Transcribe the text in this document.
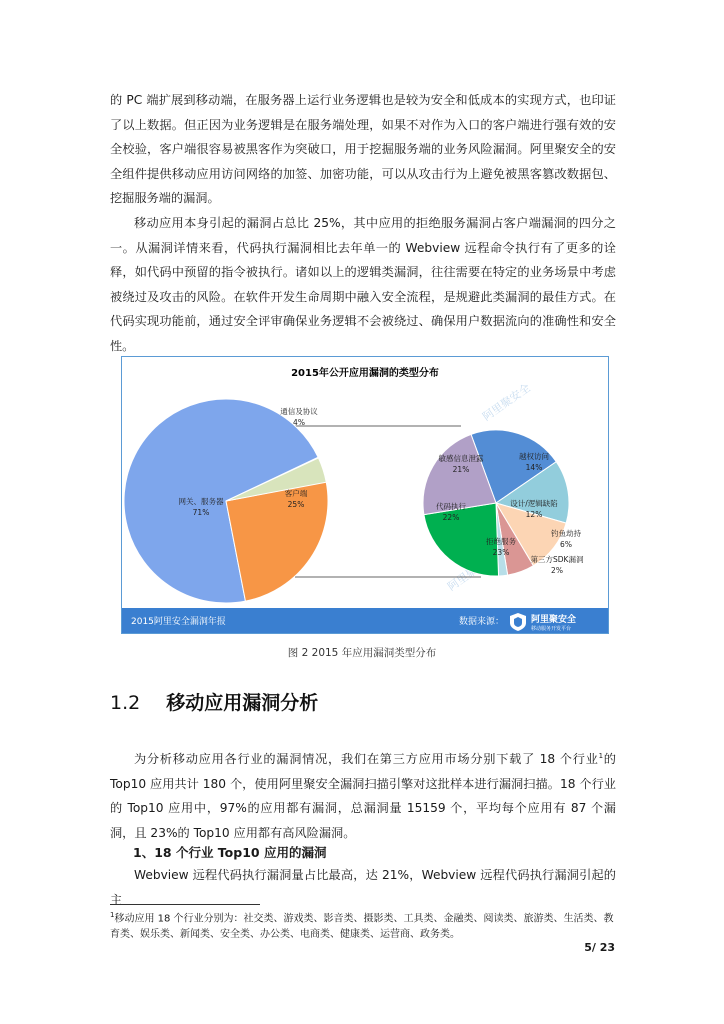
的 PC 端扩展到移动端，在服务器上运行业务逻辑也是较为安全和低成本的实现方式，也印证了以上数据。但正因为业务逻辑是在服务端处理，如果不对作为入口的客户端进行强有效的安全校验，客户端很容易被黑客作为突破口，用于挖掘服务端的业务风险漏洞。阿里聚安全的安全组件提供移动应用访问网络的加签、加密功能，可以从攻击行为上避免被黑客篡改数据包、挖掘服务端的漏洞。

移动应用本身引起的漏洞占总比 25%，其中应用的拒绝服务漏洞占客户端漏洞的四分之一。从漏洞详情来看，代码执行漏洞相比去年单一的 Webview 远程命令执行有了更多的诠释，如代码中预留的指令被执行。诸如以上的逻辑类漏洞，往往需要在特定的业务场景中考虑被绕过及攻击的风险。在软件开发生命周期中融入安全流程，是规避此类漏洞的最佳方式。在代码实现功能前，通过安全评审确保业务逻辑不会被绕过、确保用户数据流向的准确性和安全性。

阿里聚安全
2015年公开应用漏洞的类型分布
网关、服务器 71%
客户端 25%
通信及协议 4%
敏感信息泄露 21%
越权访问 14%
设计/逻辑缺陷 12%
钓鱼劫持 6%
第三方SDK漏洞 2%
拒绝服务 23%
代码执行 22%
2015阿里安全漏洞年报	数据来源：	阿里聚安全
移动服务开发平台
图 2 2015 年应用漏洞类型分布
1.2 移动应用漏洞分析

为分析移动应用各行业的漏洞情况，我们在第三方应用市场分别下载了 18 个行业$^1$的 Top10 应用共计 180 个，使用阿里聚安全漏洞扫描引擎对这批样本进行漏洞扫描。18 个行业的 Top10 应用中，97%的应用都有漏洞，总漏洞量 15159 个，平均每个应用有 87 个漏洞，且 23%的 Top10 应用都有高风险漏洞。

1、18 个行业 Top10 应用的漏洞

Webview 远程代码执行漏洞量占比最高，达 21%，Webview 远程代码执行漏洞引起的主

$^1$移动应用 18 个行业分别为：社交类、游戏类、影音类、摄影类、工具类、金融类、阅读类、旅游类、生活类、教育类、娱乐类、新闻类、安全类、办公类、电商类、健康类、运营商、政务类。

5/ 23
